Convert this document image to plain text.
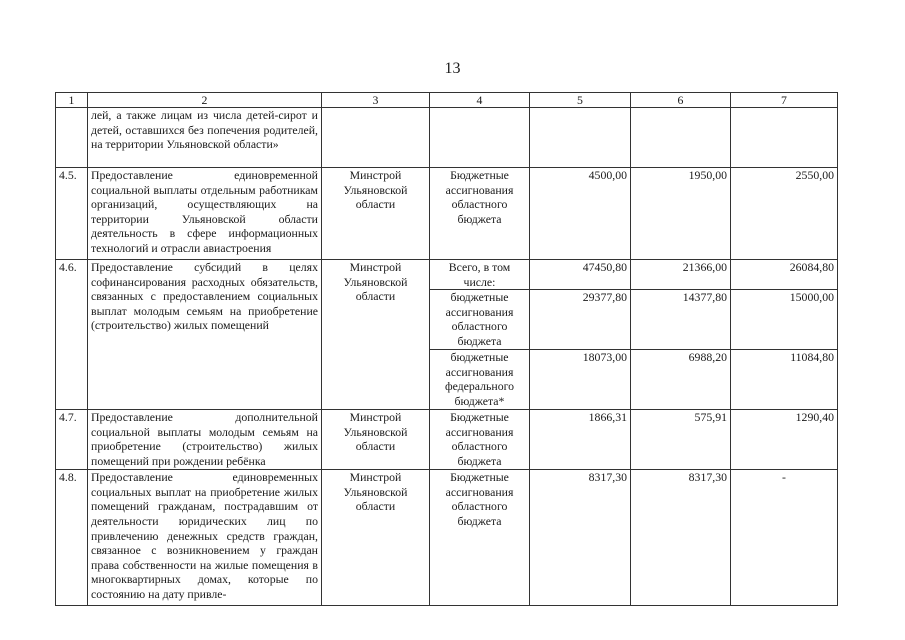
13
1	2	3	4	5	6	7
	лей, а также лицам из числа детей-сирот и детей, оставшихся без попечения родителей, на территории Ульяновской области»					
4.5.	Предоставление единовременной социальной выплаты отдельным работникам организаций, осуществляющих на территории Ульяновской области деятельность в сфере информационных технологий и отрасли авиастроения	Минстрой Ульяновской области	Бюджетные ассигнования областного бюджета	4500,00	1950,00	2550,00
4.6.	Предоставление субсидий в целях софинансирования расходных обязательств, связанных с предоставлением социальных выплат молодым семьям на приобретение (строительство) жилых помещений	Минстрой Ульяновской области	Всего, в том числе:	47450,80	21366,00	26084,80
			бюджетные ассигнования областного бюджета	29377,80	14377,80	15000,00
			бюджетные ассигнования федерального бюджета*	18073,00	6988,20	11084,80
4.7.	Предоставление дополнительной социальной выплаты молодым семьям на приобретение (строительство) жилых помещений при рождении ребёнка	Минстрой Ульяновской области	Бюджетные ассигнования областного бюджета	1866,31	575,91	1290,40
4.8.	Предоставление единовременных социальных выплат на приобретение жилых помещений гражданам, пострадавшим от деятельности юридических лиц по привлечению денежных средств граждан, связанное с возникновением у граждан права собственности на жилые помещения в многоквартирных домах, которые по состоянию на дату привле-	Минстрой Ульяновской области	Бюджетные ассигнования областного бюджета	8317,30	8317,30	-
